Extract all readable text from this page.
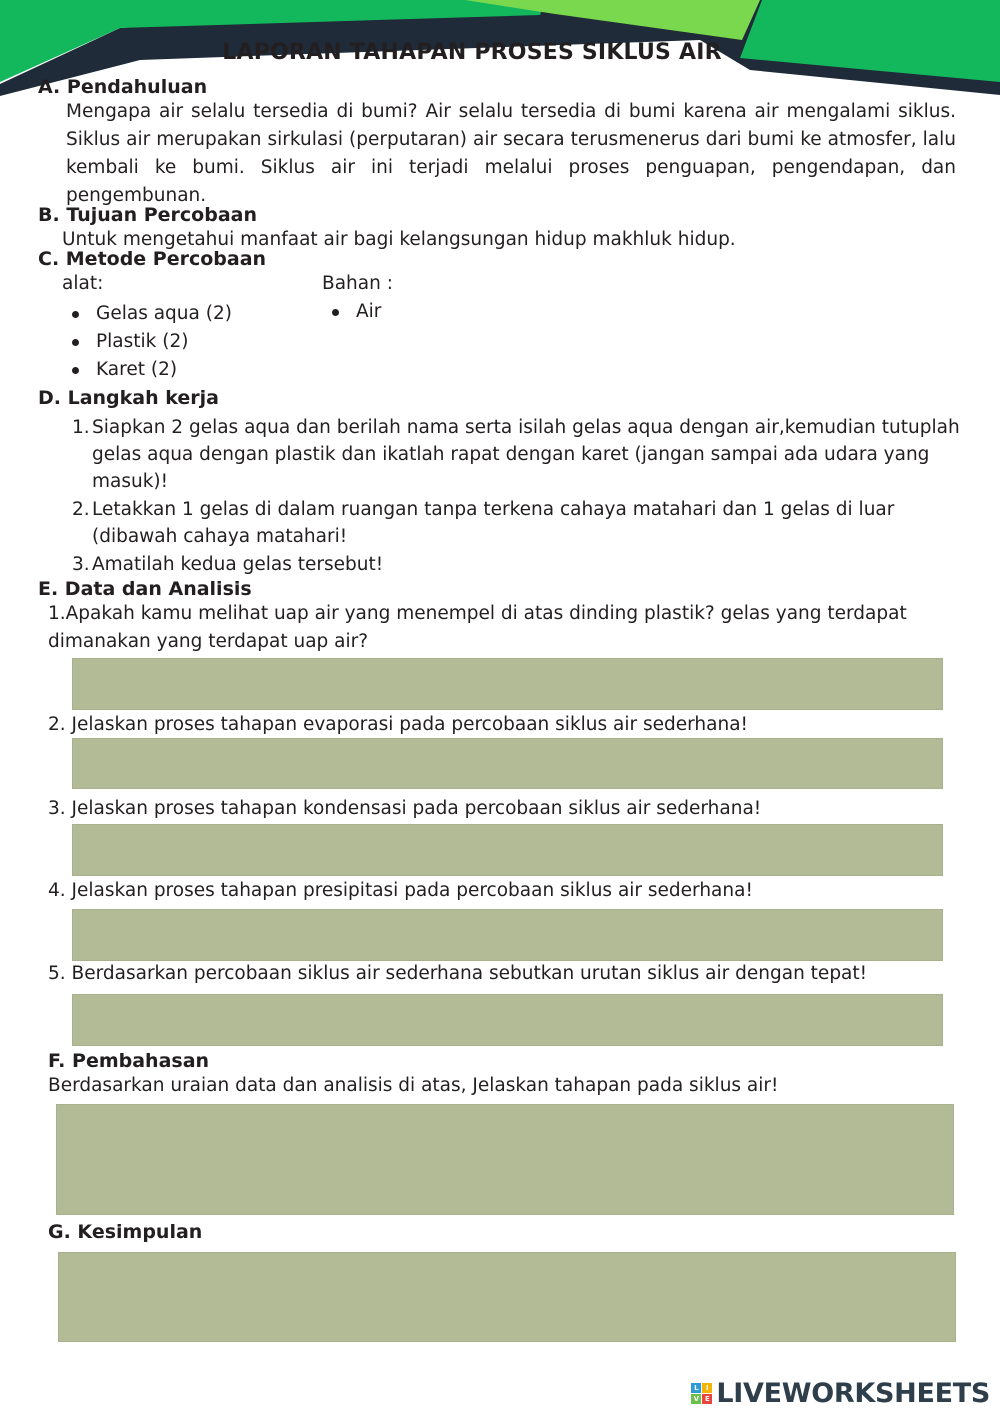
LAPORAN TAHAPAN PROSES SIKLUS AIR
A. Pendahuluan
Mengapa air selalu tersedia di bumi? Air selalu tersedia di bumi karena air mengalami siklus. Siklus air merupakan sirkulasi (perputaran) air secara terusmenerus dari bumi ke atmosfer, lalu kembali ke bumi. Siklus air ini terjadi melalui proses penguapan, pengendapan, dan pengembunan.
B. Tujuan Percobaan
Untuk mengetahui manfaat air bagi kelangsungan hidup makhluk hidup.
C. Metode Percobaan
alat:
Gelas aqua (2)
Plastik (2)
Karet (2)
Bahan :
Air
D. Langkah kerja
1. Siapkan 2 gelas aqua dan berilah nama serta isilah gelas aqua dengan air,kemudian tutuplah gelas aqua dengan plastik dan ikatlah rapat dengan karet (jangan sampai ada udara yang masuk)!
2. Letakkan 1 gelas di dalam ruangan tanpa terkena cahaya matahari dan 1 gelas di luar (dibawah cahaya matahari!
3. Amatilah kedua gelas tersebut!
E. Data dan Analisis
1.Apakah kamu melihat uap air yang menempel di atas dinding plastik? gelas yang terdapat dimanakan yang terdapat uap air?
2. Jelaskan proses tahapan evaporasi pada percobaan siklus air sederhana!
3. Jelaskan proses tahapan kondensasi pada percobaan siklus air sederhana!
4. Jelaskan proses tahapan presipitasi pada percobaan siklus air sederhana!
5. Berdasarkan percobaan siklus air sederhana sebutkan urutan siklus air dengan tepat!
F. Pembahasan
Berdasarkan uraian data dan analisis di atas, Jelaskan tahapan pada siklus air!
G. Kesimpulan
L	I
V E LIVEWORKSHEETS
